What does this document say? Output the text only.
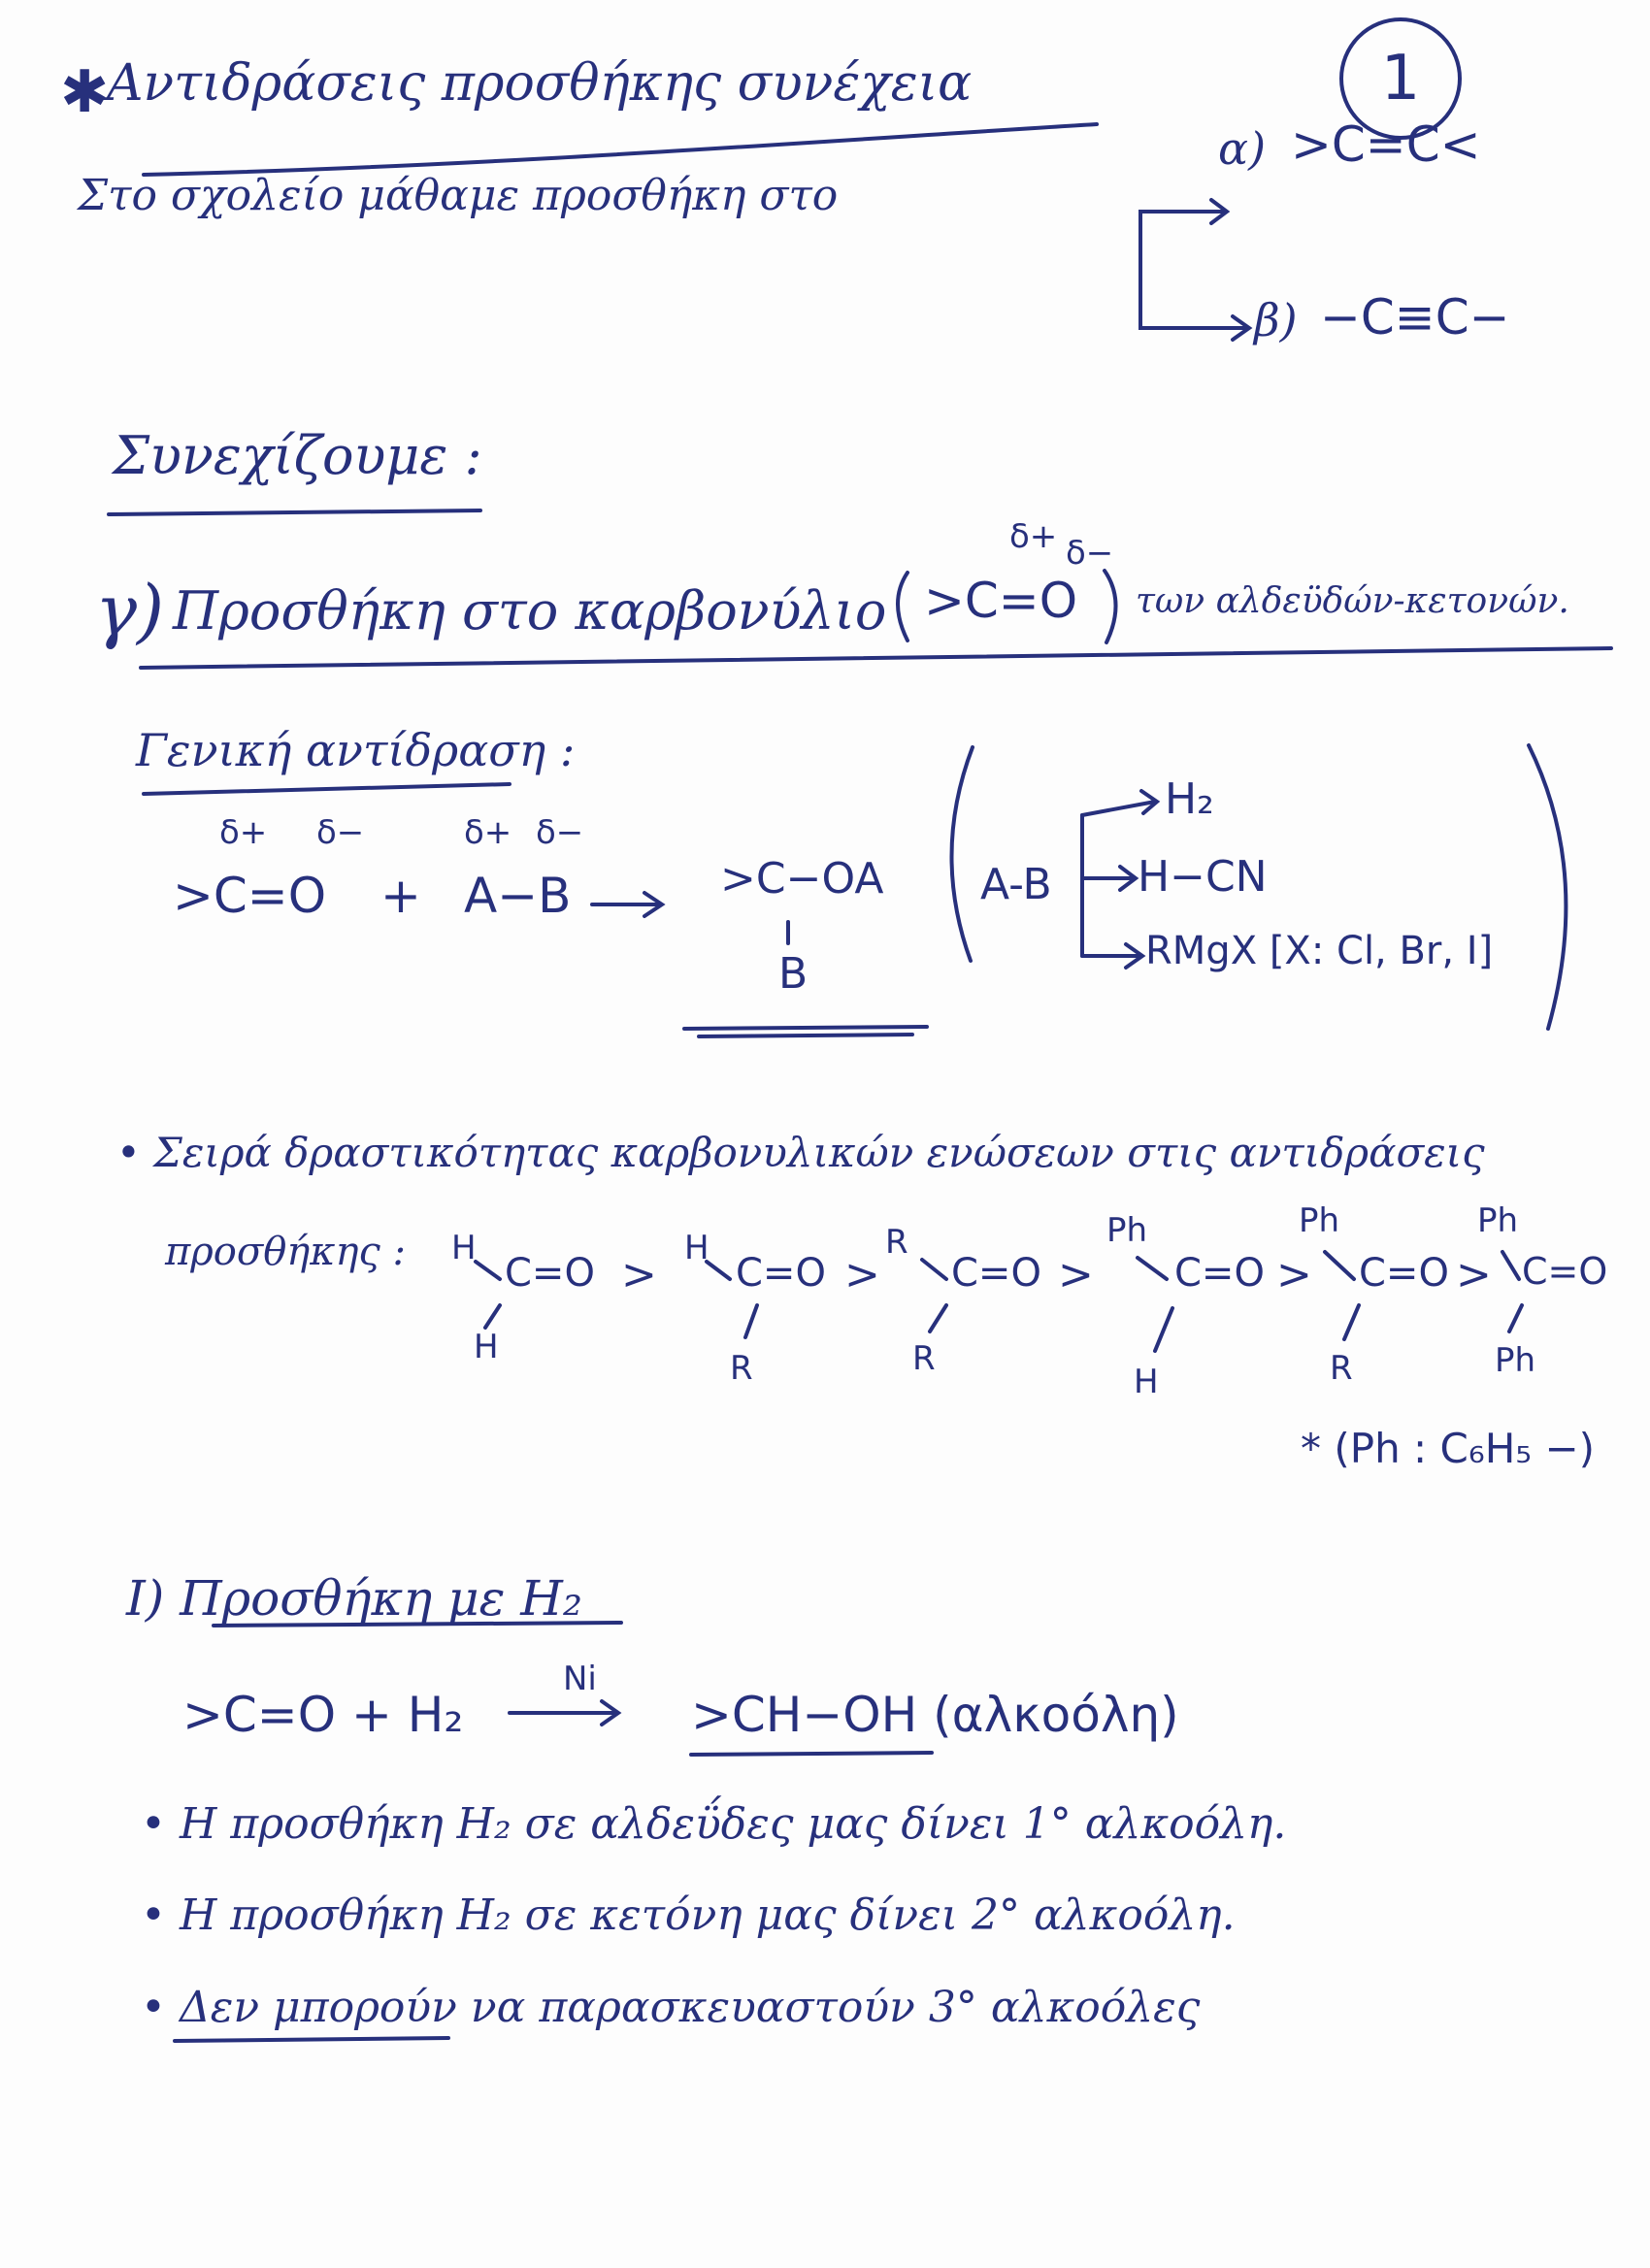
1
✱
Αντιδράσεις προσθήκης συνέχεια
Στο σχολείο μάθαμε προσθήκη στο
α) >C=C<
β) −C≡C−
Συνεχίζουμε :
γ) Προσθήκη στο καρβονύλιο
δ+ δ−
>C=O των αλδεϋδών-κετονών.
Γενική αντίδραση :
δ+ δ−	δ+ δ−
>C=O + A−B	>C−OA
B
A-B
H₂
H−CN
RMgX [X: Cl, Br, I]
• Σειρά δραστικότητας καρβονυλικών ενώσεων στις αντιδράσεις
προσθήκης : H
C=O
H
>
H
C=O
R
>
R
C=O
R
>
Ph
C=O
H
>
Ph
C=O
R
>
Ph
C=O
Ph
* (Ph : C₆H₅ −)
I) Προσθήκη με H₂
>C=O + H₂
Ni
>CH−OH (αλκοόλη)
• Η προσθήκη H₂ σε αλδεΰδες μας δίνει 1° αλκοόλη.
• Η προσθήκη H₂ σε κετόνη μας δίνει 2° αλκοόλη.
• Δεν μπορούν να παρασκευαστούν 3° αλκοόλες
